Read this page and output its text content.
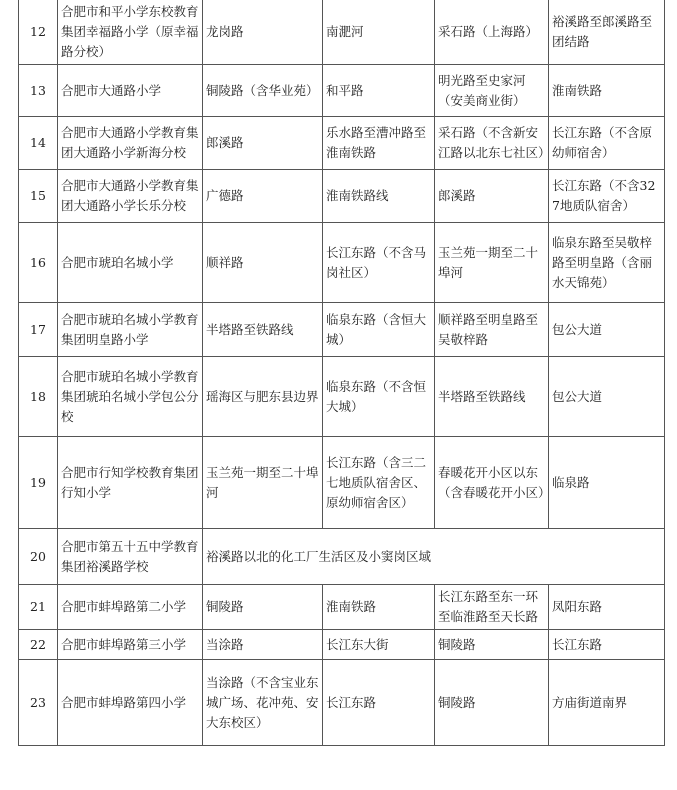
12	合肥市和平小学东校教育集团幸福路小学（原幸福路分校）	龙岗路	南淝河	采石路（上海路）	裕溪路至郎溪路至团结路
13	合肥市大通路小学	铜陵路（含华业苑）	和平路	明光路至史家河（安美商业街）	淮南铁路
14	合肥市大通路小学教育集团大通路小学新海分校	郎溪路	乐水路至漕冲路至淮南铁路	采石路（不含新安江路以北东七社区）	长江东路（不含原幼师宿舍）
15	合肥市大通路小学教育集团大通路小学长乐分校	广德路	淮南铁路线	郎溪路	长江东路（不含327地质队宿舍）
16	合肥市琥珀名城小学	顺祥路	长江东路（不含马岗社区）	玉兰苑一期至二十埠河	临泉东路至吴敬梓路至明皇路（含丽水天锦苑）
17	合肥市琥珀名城小学教育集团明皇路小学	半塔路至铁路线	临泉东路（含恒大城）	顺祥路至明皇路至吴敬梓路	包公大道
18	合肥市琥珀名城小学教育集团琥珀名城小学包公分校	瑶海区与肥东县边界	临泉东路（不含恒大城）	半塔路至铁路线	包公大道
19	合肥市行知学校教育集团行知小学	玉兰苑一期至二十埠河	长江东路（含三二七地质队宿舍区、原幼师宿舍区）	春暖花开小区以东（含春暖花开小区）	临泉路
20	合肥市第五十五中学教育集团裕溪路学校	裕溪路以北的化工厂生活区及小窦岗区域			
21	合肥市蚌埠路第二小学	铜陵路	淮南铁路	长江东路至东一环至临淮路至天长路	凤阳东路
22	合肥市蚌埠路第三小学	当涂路	长江东大街	铜陵路	长江东路
23	合肥市蚌埠路第四小学	当涂路（不含宝业东城广场、花冲苑、安大东校区）	长江东路	铜陵路	方庙街道南界
